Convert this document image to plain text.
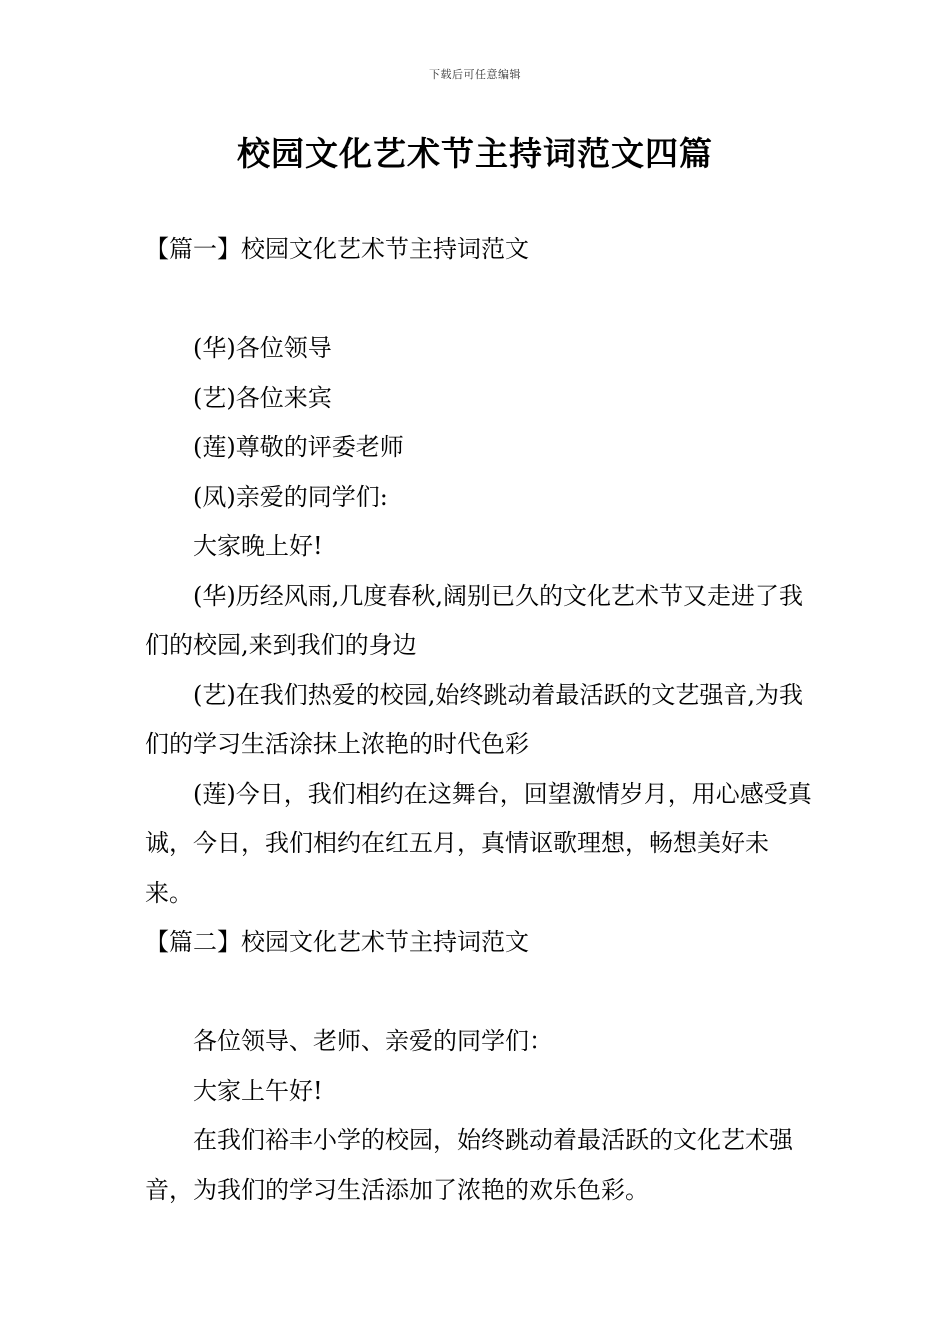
下载后可任意编辑
校园文化艺术节主持词范文四篇

【篇一】校园文化艺术节主持词范文

(华)各位领导

(艺)各位来宾

(莲)尊敬的评委老师

(凤)亲爱的同学们:

大家晚上好!

(华)历经风雨,几度春秋,阔别已久的文化艺术节又走进了我们的校园,来到我们的身边

(艺)在我们热爱的校园,始终跳动着最活跃的文艺强音,为我们的学习生活涂抹上浓艳的时代色彩

(莲)今日，我们相约在这舞台，回望激情岁月，用心感受真诚，今日，我们相约在红五月，真情讴歌理想，畅想美好未来。

【篇二】校园文化艺术节主持词范文

各位领导、老师、亲爱的同学们：

大家上午好!

在我们裕丰小学的校园，始终跳动着最活跃的文化艺术强音，为我们的学习生活添加了浓艳的欢乐色彩。
